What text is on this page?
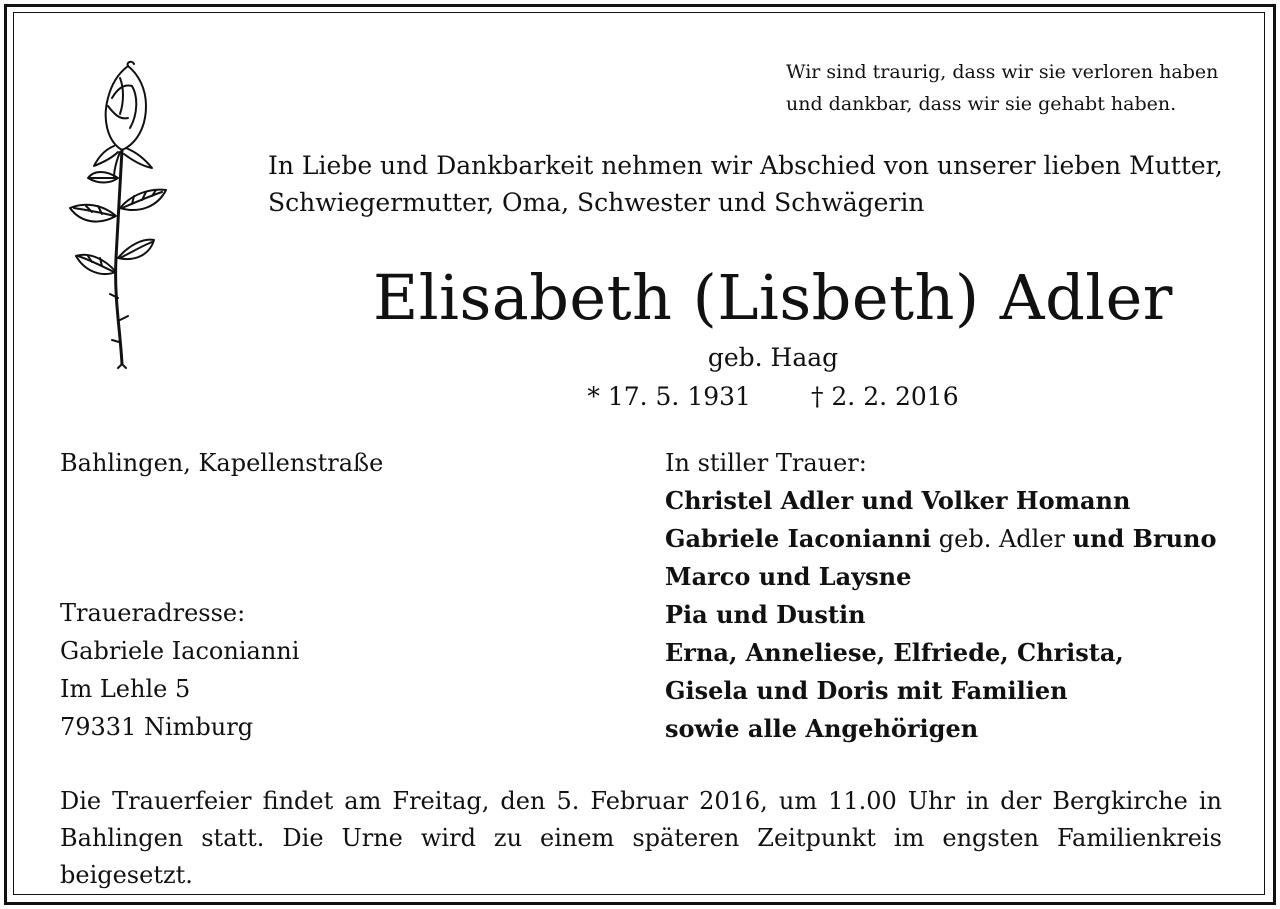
Wir sind traurig, dass wir sie verloren haben
und dankbar, dass wir sie gehabt haben.
In Liebe und Dankbarkeit nehmen wir Abschied von unserer lieben Mutter,
Schwiegermutter, Oma, Schwester und Schwägerin
Elisabeth (Lisbeth) Adler
geb. Haag
* 17. 5. 1931 † 2. 2. 2016
Bahlingen, Kapellenstraße
Traueradresse:
Gabriele Iaconianni
Im Lehle 5
79331 Nimburg
In stiller Trauer:
Christel Adler und Volker Homann
Gabriele Iaconianni geb. Adler und Bruno
Marco und Laysne
Pia und Dustin
Erna, Anneliese, Elfriede, Christa,
Gisela und Doris mit Familien
sowie alle Angehörigen
Die Trauerfeier findet am Freitag, den 5. Februar 2016, um 11.00 Uhr in der Bergkirche in
Bahlingen statt. Die Urne wird zu einem späteren Zeitpunkt im engsten Familienkreis beigesetzt.
